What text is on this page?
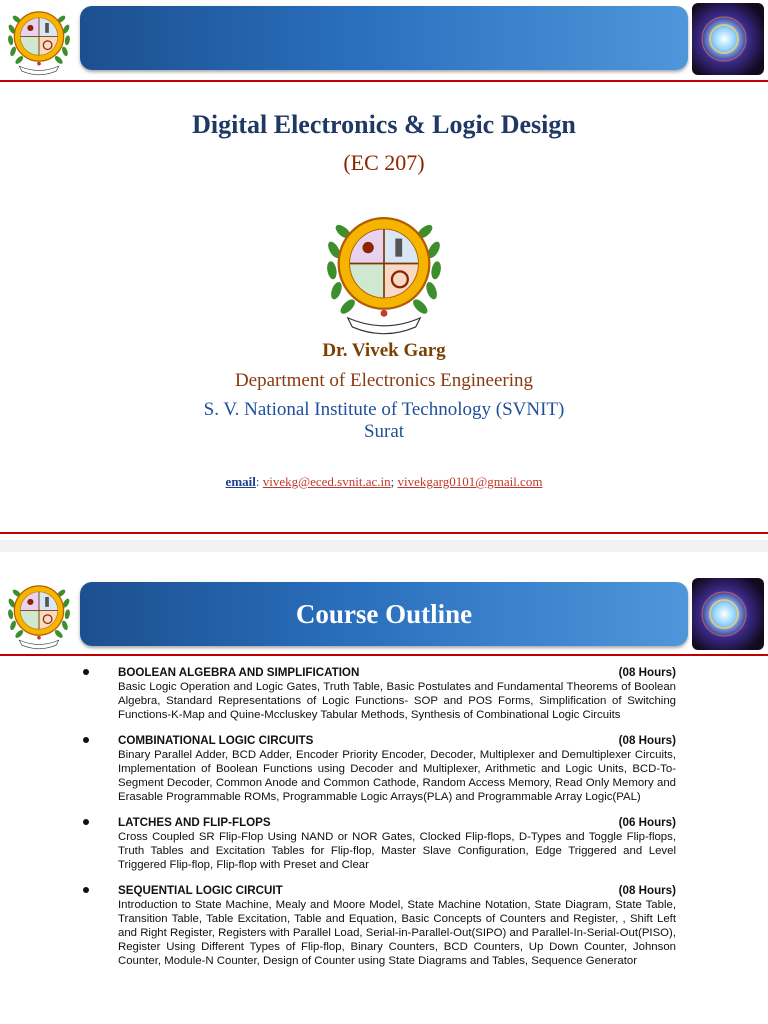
Digital Electronics & Logic Design
(EC 207)
Dr. Vivek Garg
Department of Electronics Engineering
S. V. National Institute of Technology (SVNIT)
Surat
email: vivekg@eced.svnit.ac.in; vivekgarg0101@gmail.com
Course Outline
BOOLEAN ALGEBRA AND SIMPLIFICATION	(08 Hours)
Basic Logic Operation and Logic Gates, Truth Table, Basic Postulates and Fundamental Theorems of Boolean Algebra, Standard Representations of Logic Functions- SOP and POS Forms, Simplification of Switching Functions-K-Map and Quine-Mccluskey Tabular Methods, Synthesis of Combinational Logic Circuits
COMBINATIONAL LOGIC CIRCUITS	(08 Hours)
Binary Parallel Adder, BCD Adder, Encoder Priority Encoder, Decoder, Multiplexer and Demultiplexer Circuits, Implementation of Boolean Functions using Decoder and Multiplexer, Arithmetic and Logic Units, BCD-To-Segment Decoder, Common Anode and Common Cathode, Random Access Memory, Read Only Memory and Erasable Programmable ROMs, Programmable Logic Arrays(PLA) and Programmable Array Logic(PAL)
LATCHES AND FLIP-FLOPS	(06 Hours)
Cross Coupled SR Flip-Flop Using NAND or NOR Gates, Clocked Flip-flops, D-Types and Toggle Flip-flops, Truth Tables and Excitation Tables for Flip-flop, Master Slave Configuration, Edge Triggered and Level Triggered Flip-flop, Flip-flop with Preset and Clear
SEQUENTIAL LOGIC CIRCUIT	(08 Hours)
Introduction to State Machine, Mealy and Moore Model, State Machine Notation, State Diagram, State Table, Transition Table, Table Excitation, Table and Equation, Basic Concepts of Counters and Register, , Shift Left and Right Register, Registers with Parallel Load, Serial-in-Parallel-Out(SIPO) and Parallel-In-Serial-Out(PISO), Register Using Different Types of Flip-flop, Binary Counters, BCD Counters, Up Down Counter, Johnson Counter, Module-N Counter, Design of Counter using State Diagrams and Tables, Sequence Generator
